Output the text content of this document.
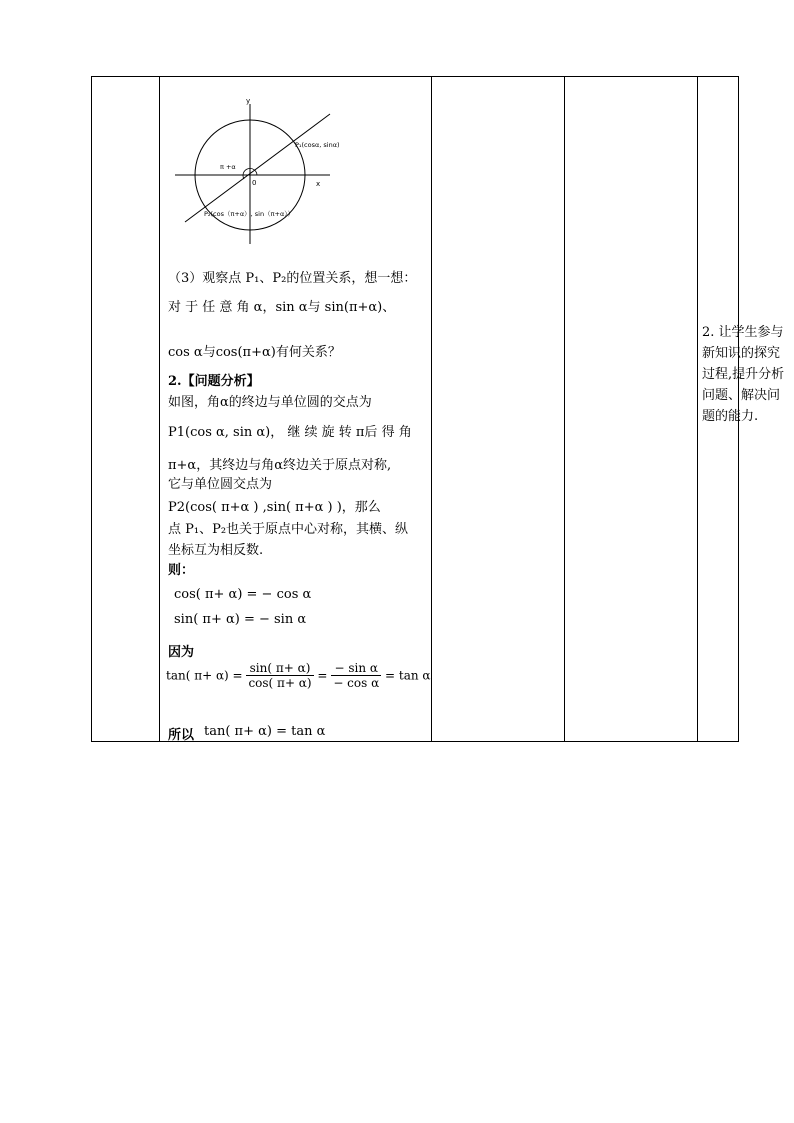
y
x
0
π +α
P₁(cosα, sinα)
P₂(cos（π+α）, sin（π+α））
（3）观察点 P₁、P₂的位置关系，想一想：
对 于 任 意 角 α，sin α与 sin(π+α)、
cos α与cos(π+α)有何关系？
2.【问题分析】
如图，角α的终边与单位圆的交点为
P1(cos α, sin α)， 继 续 旋 转 π后 得 角
π+α，其终边与角α终边关于原点对称,
它与单位圆交点为
P2(cos( π+α ) ,sin( π+α ) )，那么
点 P₁、P₂也关于原点中心对称，其横、纵
坐标互为相反数.
则：
cos( π+ α) = − cos α
sin( π+ α) = − sin α
因为
tan( $\pi+ \alpha) = \frac{\sin( \pi+ \alpha)}{\cos( \pi+ \alpha)} = \frac{\text{− sin α}}{\text{− cos α}} = \tan \alpha$
所以 tan( π+ α) = tan α
2. 让学生参与新知识的探究过程,提升分析问题、解决问题的能力.
